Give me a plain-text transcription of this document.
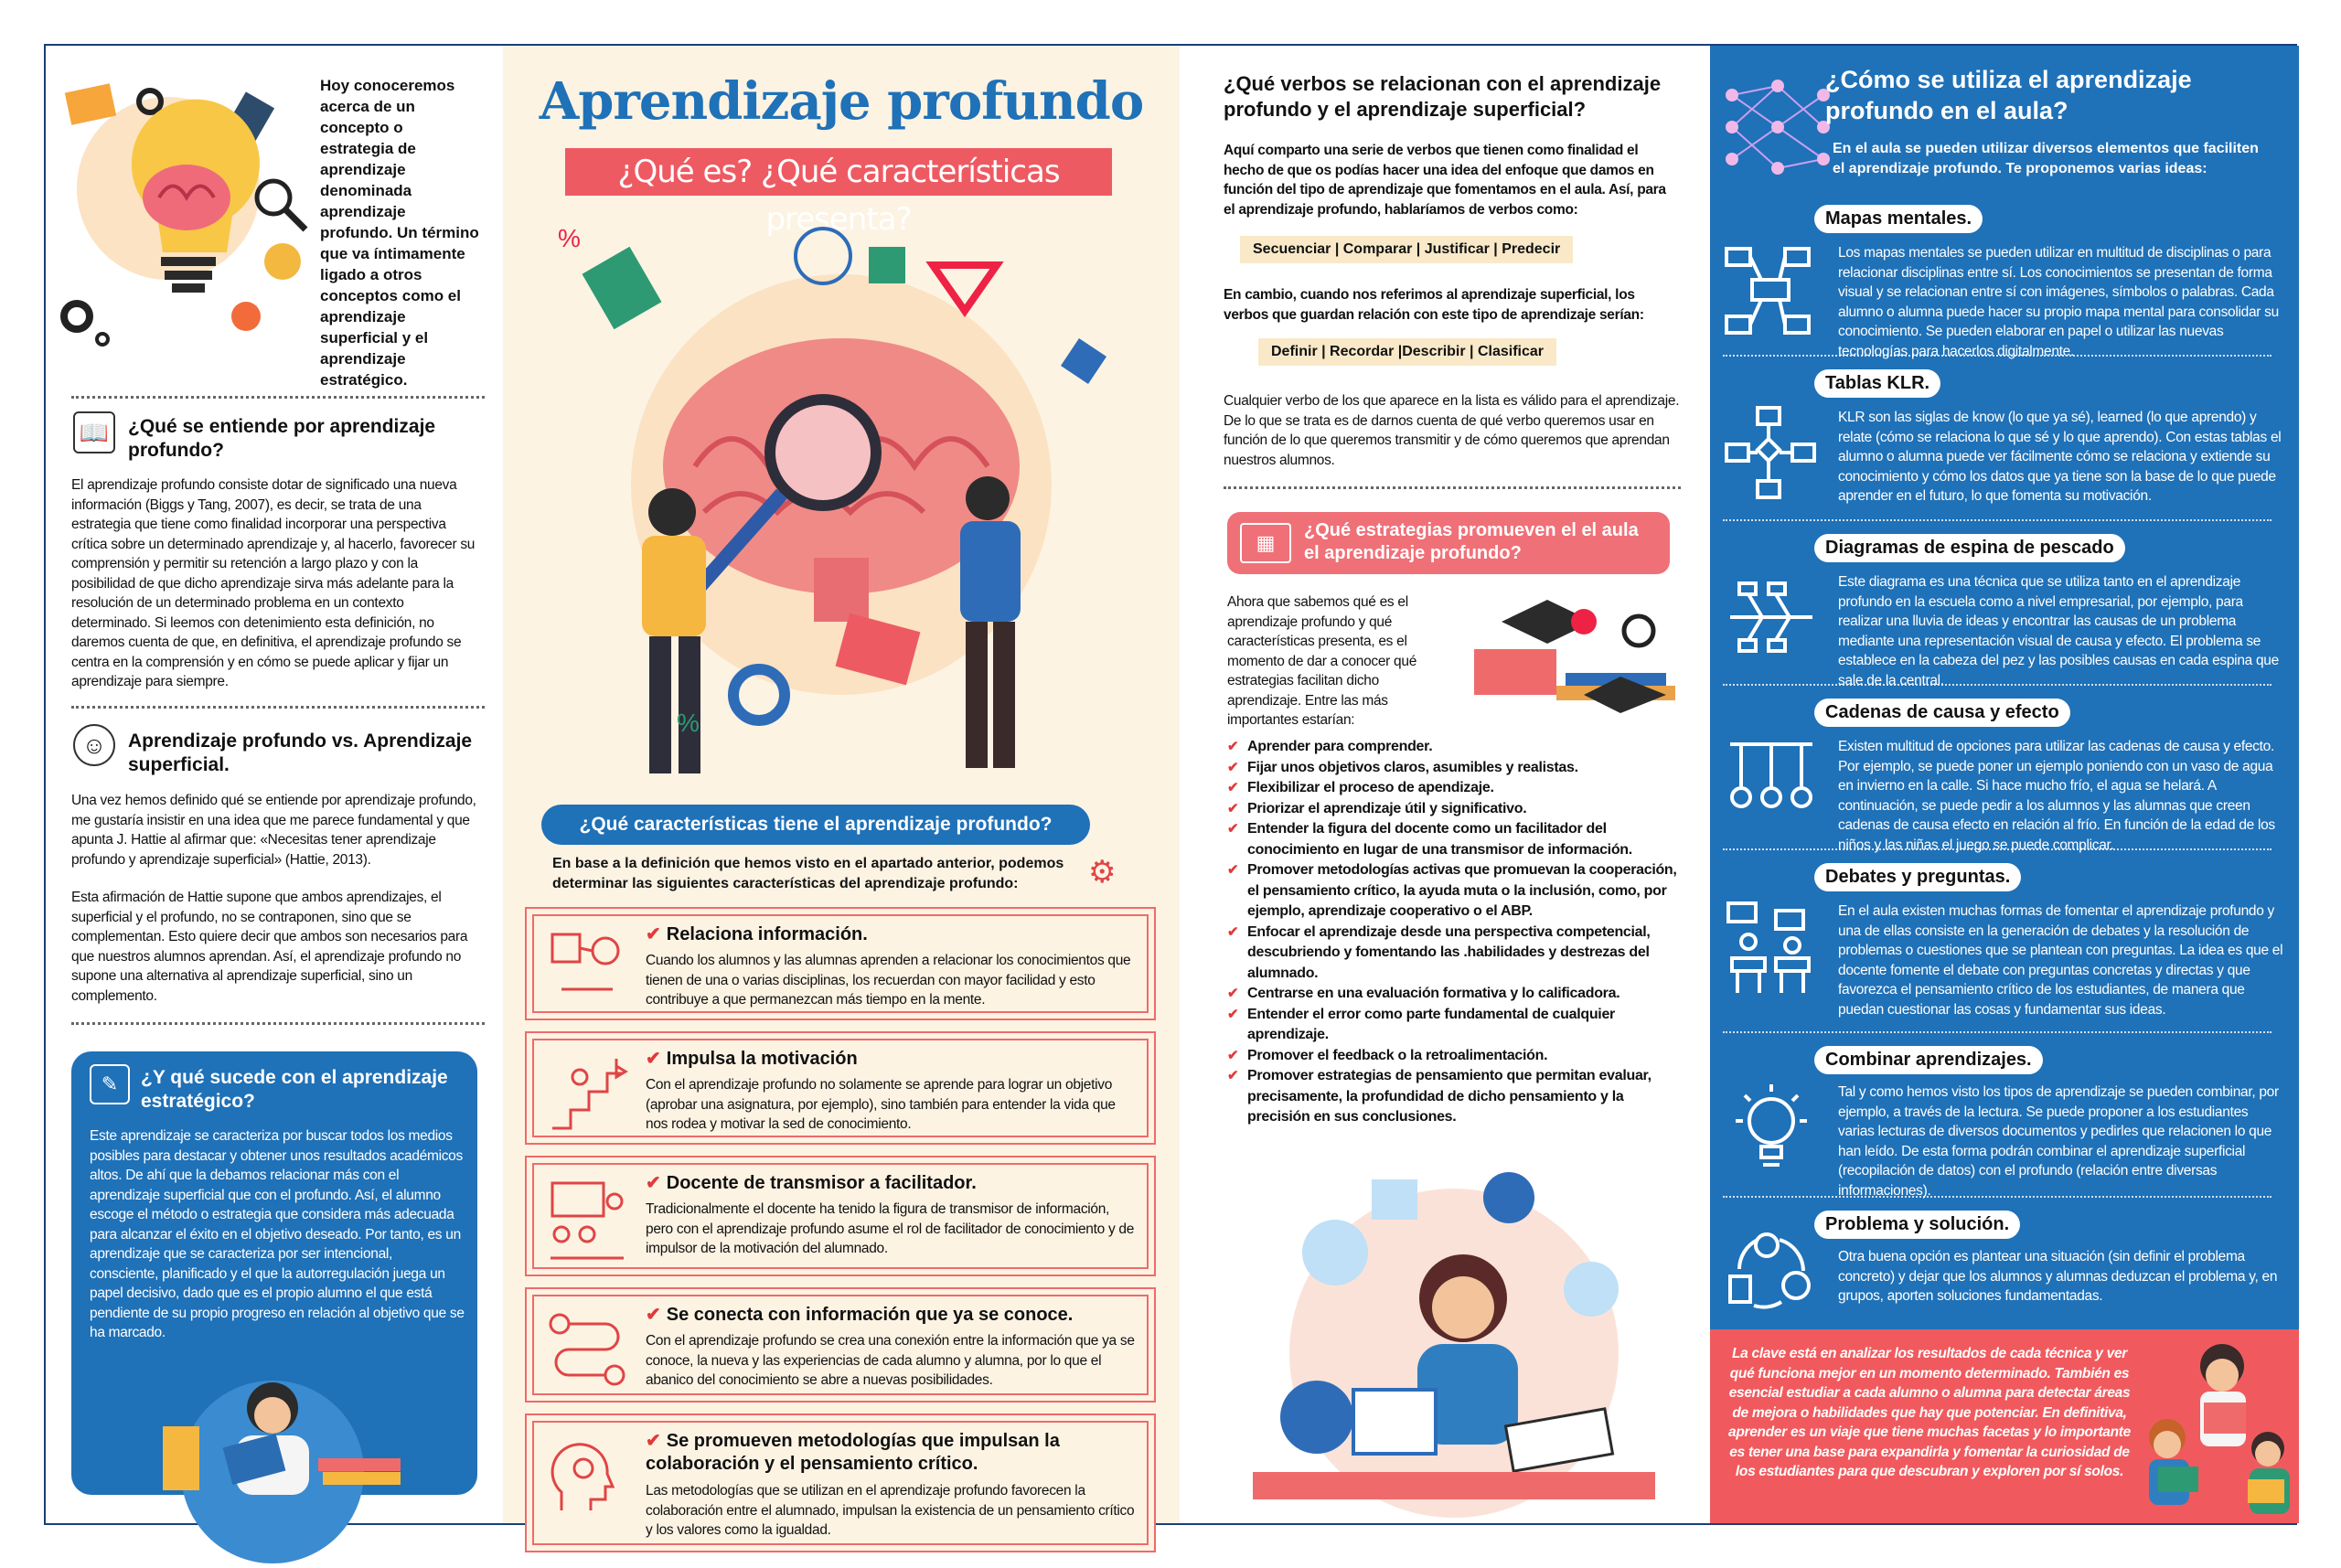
Hoy conoceremos acerca de un concepto o estrategia de aprendizaje denominada aprendizaje profundo. Un término que va íntimamente ligado a otros conceptos como el aprendizaje superficial y el aprendizaje estratégico.

📖 ¿Qué se entiende por aprendizaje profundo?

El aprendizaje profundo consiste dotar de significado una nueva información (Biggs y Tang, 2007), es decir, se trata de una estrategia que tiene como finalidad incorporar una perspectiva crítica sobre un determinado aprendizaje y, al hacerlo, favorecer su comprensión y permitir su retención a largo plazo y con la posibilidad de que dicho aprendizaje sirva más adelante para la resolución de un determinado problema en un contexto determinado. Si leemos con detenimiento esta definición, no daremos cuenta de que, en definitiva, el aprendizaje profundo se centra en la comprensión y en cómo se puede aplicar y fijar un aprendizaje para siempre.

☺	Aprendizaje profundo vs. Aprendizaje superficial.

Una vez hemos definido qué se entiende por aprendizaje profundo, me gustaría insistir en una idea que me parece fundamental y que apunta J. Hattie al afirmar que: «Necesitas tener aprendizaje profundo y aprendizaje superficial» (Hattie, 2013).

Esta afirmación de Hattie supone que ambos aprendizajes, el superficial y el profundo, no se contraponen, sino que se complementan. Esto quiere decir que ambos son necesarios para que nuestros alumnos aprendan. Así, el aprendizaje profundo no supone una alternativa al aprendizaje superficial, sino un complemento.

✎	¿Y qué sucede con el aprendizaje estratégico?

Este aprendizaje se caracteriza por buscar todos los medios posibles para destacar y obtener unos resultados académicos altos. De ahí que la debamos relacionar más con el aprendizaje superficial que con el profundo. Así, el alumno escoge el método o estrategia que considera más adecuada para alcanzar el éxito en el objetivo deseado. Por tanto, es un aprendizaje que se caracteriza por ser intencional, consciente, planificado y el que la autorregulación juega un papel decisivo, dado que es el propio alumno el que está pendiente de su propio progreso en relación al objetivo que se ha marcado.

Aprendizaje profundo
¿Qué es? ¿Qué características presenta?
%
%
¿Qué características tiene el aprendizaje profundo?

En base a la definición que hemos visto en el apartado anterior, podemos determinar las siguientes características del aprendizaje profundo:	⚙
✔ Relaciona información.

Cuando los alumnos y las alumnas aprenden a relacionar los conocimientos que tienen de una o varias disciplinas, los recuerdan con mayor facilidad y esto contribuye a que permanezcan más tiempo en la mente.

✔ Impulsa la motivación

Con el aprendizaje profundo no solamente se aprende para lograr un objetivo (aprobar una asignatura, por ejemplo), sino también para entender la vida que nos rodea y motivar la sed de conocimiento.

✔ Docente de transmisor a facilitador.

Tradicionalmente el docente ha tenido la figura de transmisor de información, pero con el aprendizaje profundo asume el rol de facilitador de conocimiento y de impulsor de la motivación del alumnado.

✔ Se conecta con información que ya se conoce.

Con el aprendizaje profundo se crea una conexión entre la información que ya se conoce, la nueva y las experiencias de cada alumno y alumna, por lo que el abanico del conocimiento se abre a nuevas posibilidades.

✔ Se promueven metodologías que impulsan la colaboración y el pensamiento crítico.

Las metodologías que se utilizan en el aprendizaje profundo favorecen la colaboración entre el alumnado, impulsan la existencia de un pensamiento crítico y los valores como la igualdad.

¿Qué verbos se relacionan con el aprendizaje profundo y el aprendizaje superficial?

Aquí comparto una serie de verbos que tienen como finalidad el hecho de que os podías hacer una idea del enfoque que damos en función del tipo de aprendizaje que fomentamos en el aula. Así, para el aprendizaje profundo, hablaríamos de verbos como:

Secuenciar | Comparar | Justificar | Predecir

En cambio, cuando nos referimos al aprendizaje superficial, los verbos que guardan relación con este tipo de aprendizaje serían:

Definir | Recordar |Describir | Clasificar

Cualquier verbo de los que aparece en la lista es válido para el aprendizaje. De lo que se trata es de darnos cuenta de qué verbo queremos usar en función de lo que queremos transmitir y de cómo queremos que aprendan nuestros alumnos.

▦
¿Qué estrategias promueven el el aula el aprendizaje profundo?

Ahora que sabemos qué es el aprendizaje profundo y qué características presenta, es el momento de dar a conocer qué estrategias facilitan dicho aprendizaje. Entre las más importantes estarían:

✔ Aprender para comprender.
✔ Fijar unos objetivos claros, asumibles y realistas.
✔ Flexibilizar el proceso de apendizaje.
✔ Priorizar el aprendizaje útil y significativo.
✔ Entender la figura del docente como un facilitador del conocimiento en lugar de una transmisor de información.
✔ Promover metodologías activas que promuevan la cooperación, el pensamiento crítico, la ayuda muta o la inclusión, como, por ejemplo, aprendizaje cooperativo o el ABP.
✔ Enfocar el aprendizaje desde una perspectiva competencial, descubriendo y fomentando las .habilidades y destrezas del alumnado.
✔ Centrarse en una evaluación formativa y lo calificadora.
✔ Entender el error como parte fundamental de cualquier aprendizaje.
✔ Promover el feedback o la retroalimentación.
✔ Promover estrategias de pensamiento que permitan evaluar, precisamente, la profundidad de dicho pensamiento y la precisión en sus conclusiones.
¿Cómo se utiliza el aprendizaje profundo en el aula?

En el aula se pueden utilizar diversos elementos que faciliten el aprendizaje profundo. Te proponemos varias ideas:

Mapas mentales.

Los mapas mentales se pueden utilizar en multitud de disciplinas o para relacionar disciplinas entre sí. Los conocimientos se presentan de forma visual y se relacionan entre sí con imágenes, símbolos o palabras. Cada alumno o alumna puede hacer su propio mapa mental para consolidar su conocimiento. Se pueden elaborar en papel o utilizar las nuevas tecnologías para hacerlos digitalmente.

Tablas KLR.

KLR son las siglas de know (lo que ya sé), learned (lo que aprendo) y relate (cómo se relaciona lo que sé y lo que aprendo). Con estas tablas el alumno o alumna puede ver fácilmente cómo se relaciona y extiende su conocimiento y cómo los datos que ya tiene son la base de lo que puede aprender en el futuro, lo que fomenta su motivación.

Diagramas de espina de pescado

Este diagrama es una técnica que se utiliza tanto en el aprendizaje profundo en la escuela como a nivel empresarial, por ejemplo, para realizar una lluvia de ideas y encontrar las causas de un problema mediante una representación visual de causa y efecto. El problema se establece en la cabeza del pez y las posibles causas en cada espina que sale de la central.

Cadenas de causa y efecto

Existen multitud de opciones para utilizar las cadenas de causa y efecto. Por ejemplo, se puede poner un ejemplo poniendo con un vaso de agua en invierno en la calle. Si hace mucho frío, el agua se helará. A continuación, se puede pedir a los alumnos y las alumnas que creen cadenas de causa efecto en relación al frío. En función de la edad de los niños y las niñas el juego se puede complicar.

Debates y preguntas.

En el aula existen muchas formas de fomentar el aprendizaje profundo y una de ellas consiste en la generación de debates y la resolución de problemas o cuestiones que se plantean con preguntas. La idea es que el docente fomente el debate con preguntas concretas y directas y que favorezca el pensamiento crítico de los estudiantes, de manera que puedan cuestionar las cosas y fundamentar sus ideas.

Combinar aprendizajes.

Tal y como hemos visto los tipos de aprendizaje se pueden combinar, por ejemplo, a través de la lectura. Se puede proponer a los estudiantes varias lecturas de diversos documentos y pedirles que relacionen lo que han leído. De esta forma podrán combinar el aprendizaje superficial (recopilación de datos) con el profundo (relación entre diversas informaciones).

Problema y solución.

Otra buena opción es plantear una situación (sin definir el problema concreto) y dejar que los alumnos y alumnas deduzcan el problema y, en grupos, aporten soluciones fundamentadas.

La clave está en analizar los resultados de cada técnica y ver qué funciona mejor en un momento determinado. También es esencial estudiar a cada alumno o alumna para detectar áreas de mejora o habilidades que hay que potenciar. En definitiva, aprender es un viaje que tiene muchas facetas y lo importante es tener una base para expandirla y fomentar la curiosidad de los estudiantes para que descubran y exploren por sí solos.
